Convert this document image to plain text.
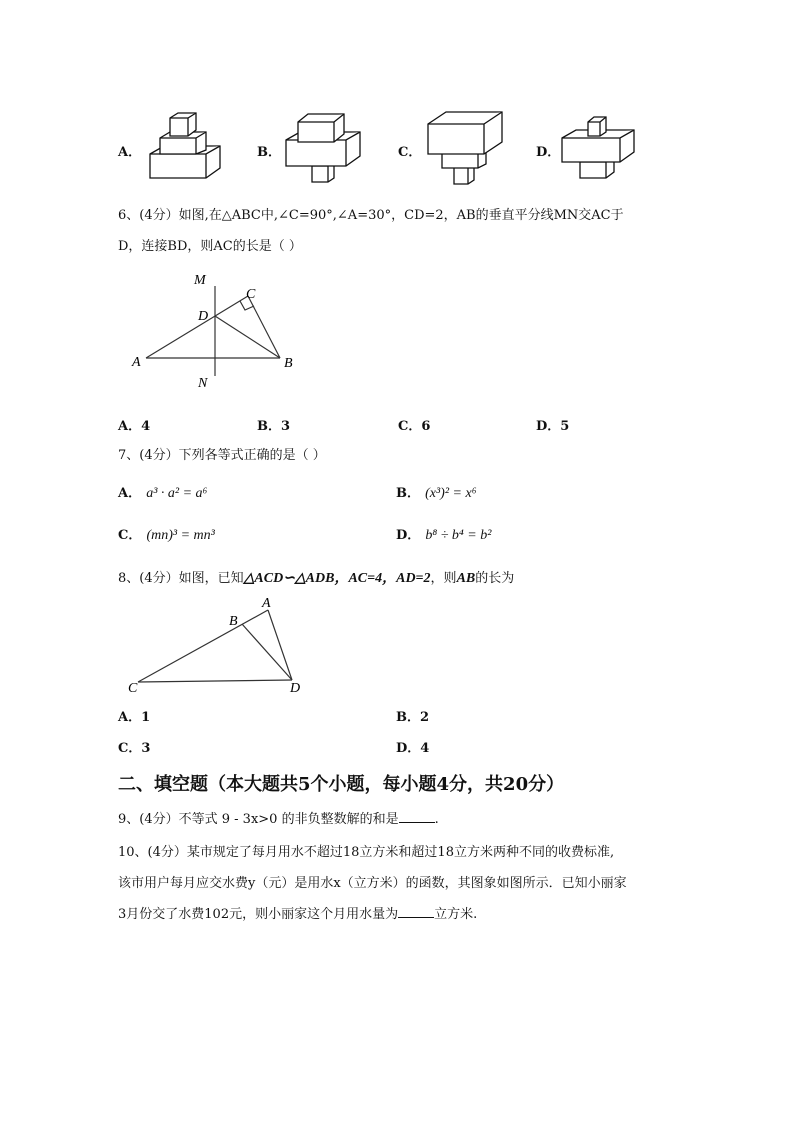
A．	B．	C．	D．
6、(4分）如图,在△ABC中,∠C=90°,∠A=30°，CD=2，AB的垂直平分线MN交AC于
D，连接BD，则AC的长是（ ）
M
N
A	B
C
D
A．4	B．3	C．6	D．5
7、(4分）下列各等式正确的是（ ）
A． a³ · a² = a⁶	B． (x³)² = x⁶
C． (mn)³ = mn³	D． b⁸ ÷ b⁴ = b²
8、(4分）如图，已知△ACD∽△ADB，AC=4，AD=2，则AB的长为
A
B
C	D
A．1	B．2
C．3	D．4
二、填空题（本大题共5个小题，每小题4分，共20分）
9、(4分）不等式 9 - 3x>0 的非负整数解的和是	.
10、(4分）某市规定了每月用水不超过18立方米和超过18立方米两种不同的收费标准,
该市用户每月应交水费y（元）是用水x（立方米）的函数，其图象如图所示．已知小丽家
3月份交了水费102元，则小丽家这个月用水量为	立方米.
